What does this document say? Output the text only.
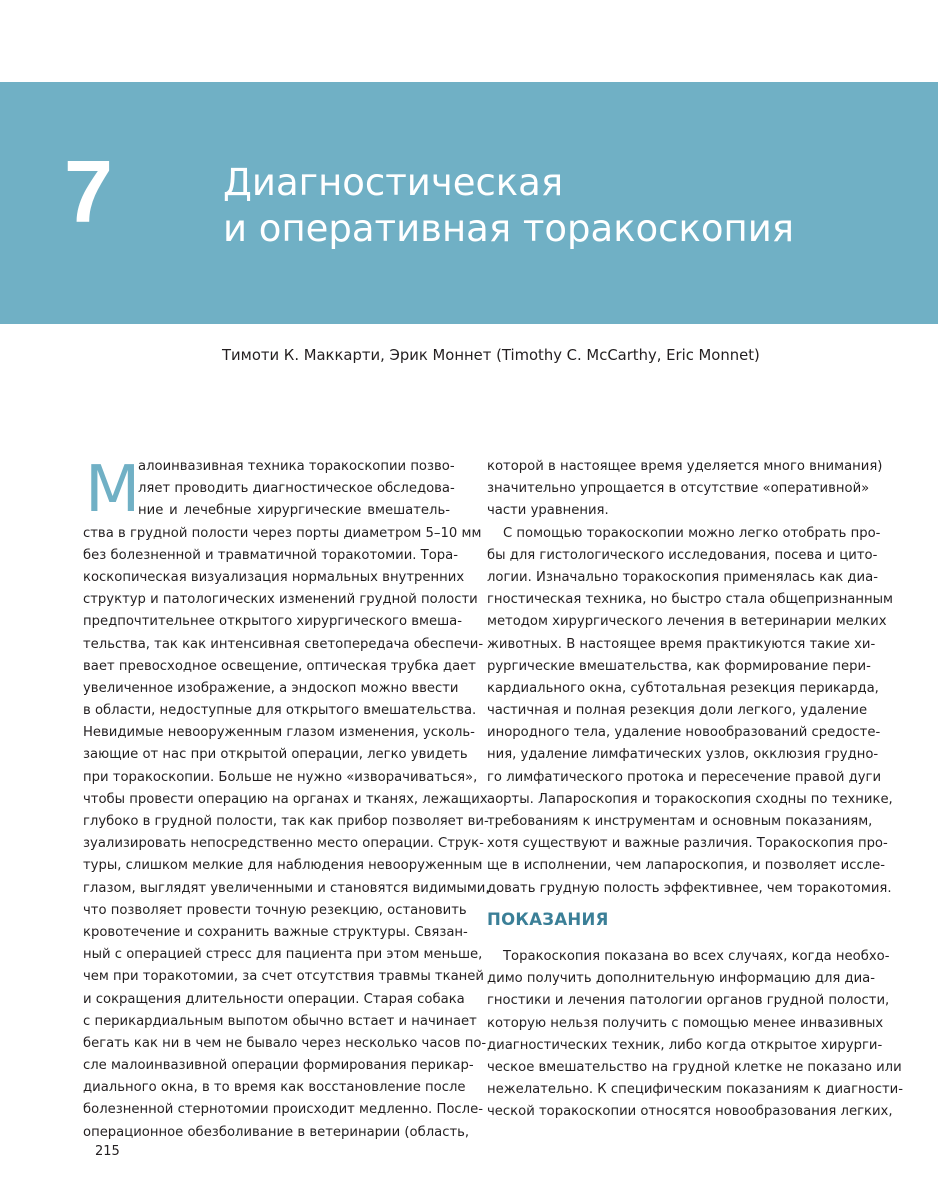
7	Диагностическая
и оперативная торакоскопия
Тимоти К. Маккарти, Эрик Моннет (Timothy C. McCarthy, Eric Monnet)
М
алоинвазивная техника торакоскопии позво-
ляет проводить диагностическое обследова-
ние и лечебные хирургические вмешатель-
ства в грудной полости через порты диаметром 5–10 мм
без болезненной и травматичной торакотомии. Тора-
коскопическая визуализация нормальных внутренних
структур и патологических изменений грудной полости
предпочтительнее открытого хирургического вмеша-
тельства, так как интенсивная светопередача обеспечи-
вает превосходное освещение, оптическая трубка дает
увеличенное изображение, а эндоскоп можно ввести
в области, недоступные для открытого вмешательства.
Невидимые невооруженным глазом изменения, усколь-
зающие от нас при открытой операции, легко увидеть
при торакоскопии. Больше не нужно «изворачиваться»,
чтобы провести операцию на органах и тканях, лежащих
глубоко в грудной полости, так как прибор позволяет ви-
зуализировать непосредственно место операции. Струк-
туры, слишком мелкие для наблюдения невооруженным
глазом, выглядят увеличенными и становятся видимыми,
что позволяет провести точную резекцию, остановить
кровотечение и сохранить важные структуры. Связан-
ный с операцией стресс для пациента при этом меньше,
чем при торакотомии, за счет отсутствия травмы тканей
и сокращения длительности операции. Старая собака
с перикардиальным выпотом обычно встает и начинает
бегать как ни в чем не бывало через несколько часов по-
сле малоинвазивной операции формирования перикар-
диального окна, в то время как восстановление после
болезненной стернотомии происходит медленно. После-
операционное обезболивание в ветеринарии (область,
которой в настоящее время уделяется много внимания)
значительно упрощается в отсутствие «оперативной»
части уравнения.
С помощью торакоскопии можно легко отобрать про-
бы для гистологического исследования, посева и цито-
логии. Изначально торакоскопия применялась как диа-
гностическая техника, но быстро стала общепризнанным
методом хирургического лечения в ветеринарии мелких
животных. В настоящее время практикуются такие хи-
рургические вмешательства, как формирование пери-
кардиального окна, субтотальная резекция перикарда,
частичная и полная резекция доли легкого, удаление
инородного тела, удаление новообразований средосте-
ния, удаление лимфатических узлов, окклюзия грудно-
го лимфатического протока и пересечение правой дуги
аорты. Лапароскопия и торакоскопия сходны по технике,
требованиям к инструментам и основным показаниям,
хотя существуют и важные различия. Торакоскопия про-
ще в исполнении, чем лапароскопия, и позволяет иссле-
довать грудную полость эффективнее, чем торакотомия.
ПОКАЗАНИЯ
Торакоскопия показана во всех случаях, когда необхо-
димо получить дополнительную информацию для диа-
гностики и лечения патологии органов грудной полости,
которую нельзя получить с помощью менее инвазивных
диагностических техник, либо когда открытое хирурги-
ческое вмешательство на грудной клетке не показано или
нежелательно. К специфическим показаниям к диагности-
ческой торакоскопии относятся новообразования легких,
215
